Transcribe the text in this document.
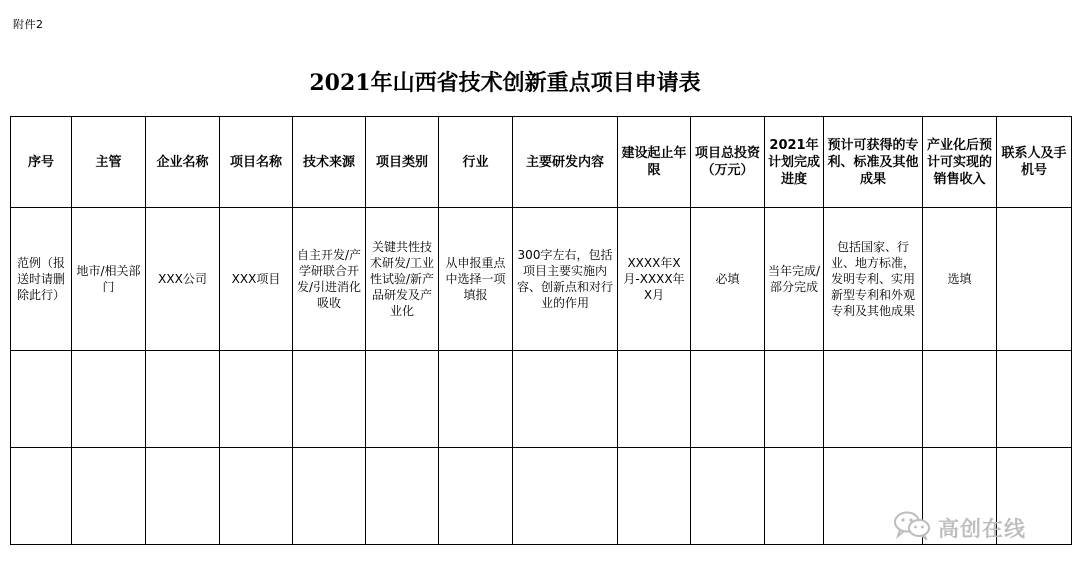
附件2
2021年山西省技术创新重点项目申请表
序号	主管	企业名称	项目名称	技术来源	项目类别	行业	主要研发内容	建设起止年限	项目总投资（万元）	2021年计划完成进度	预计可获得的专利、标准及其他成果	产业化后预计可实现的销售收入	联系人及手机号
范例（报送时请删除此行）	地市/相关部门	XXX公司	XXX项目	自主开发/产学研联合开发/引进消化吸收	关键共性技术研发/工业性试验/新产品研发及产业化	从申报重点中选择一项填报	300字左右，包括项目主要实施内容、创新点和对行业的作用	XXXX年X月-XXXX年X月	必填	当年完成/部分完成	包括国家、行业、地方标准，发明专利、实用新型专利和外观专利及其他成果	选填	

高创在线
